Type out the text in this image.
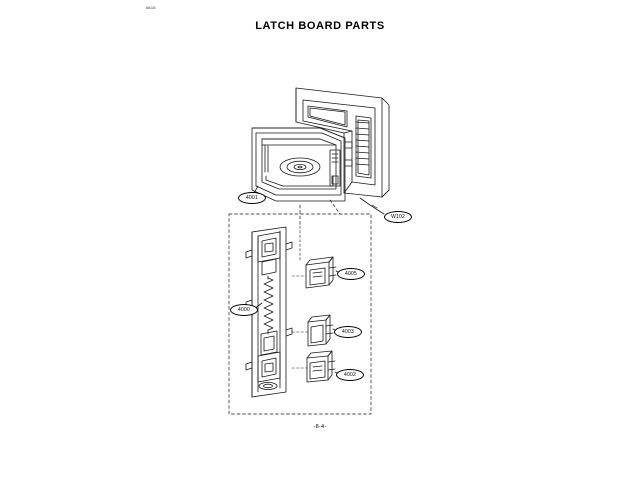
#816
LATCH BOARD PARTS
4001
W102
4000
4005
4003
4002
-8-4-
